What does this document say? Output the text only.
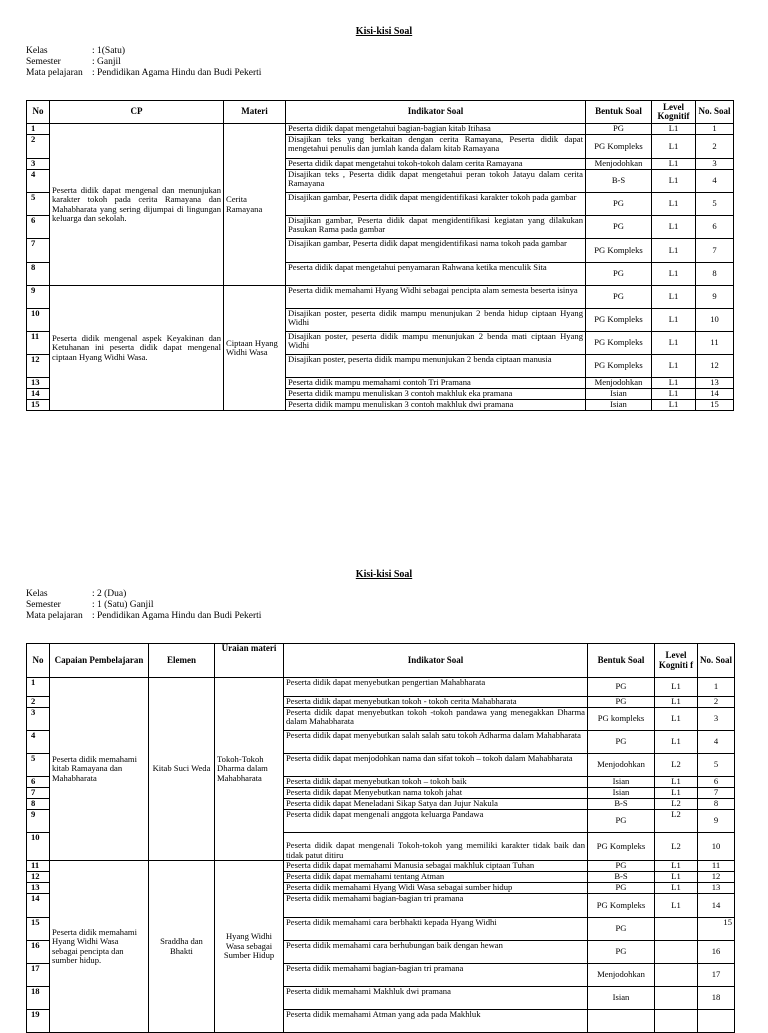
Kisi-kisi Soal
Kelas	: 1(Satu)
Semester	: Ganjil
Mata pelajaran : Pendidikan Agama Hindu dan Budi Pekerti
No	CP	Materi	Indikator Soal	Bentuk Soal	Level Kognitif	No. Soal
1	Peserta didik dapat mengenal dan menunjukan karakter tokoh pada cerita Ramayana dan Mahabharata yang sering dijumpai di lingungan keluarga dan sekolah.	Cerita Ramayana	Peserta didik dapat mengetahui bagian-bagian kitab Itihasa	PG	L1	1
2			Disajikan teks yang berkaitan dengan cerita Ramayana, Peserta didik dapat mengetahui penulis dan jumlah kanda dalam kitab Ramayana	PG Kompleks	L1	2
3			Peserta didik dapat mengetahui tokoh-tokoh dalam cerita Ramayana	Menjodohkan	L1	3
4			Disajikan teks , Peserta didik dapat mengetahui peran tokoh Jatayu dalam cerita Ramayana	B-S	L1	4
5			Disajikan gambar, Peserta didik dapat mengidentifikasi karakter tokoh pada gambar	PG	L1	5
6			Disajikan gambar, Peserta didik dapat mengidentifikasi kegiatan yang dilakukan Pasukan Rama pada gambar	PG	L1	6
7			Disajikan gambar, Peserta didik dapat mengidentifikasi nama tokoh pada gambar	PG Kompleks	L1	7
8			Peserta didik dapat mengetahui penyamaran Rahwana ketika menculik Sita	PG	L1	8
9	Peserta didik mengenal aspek Keyakinan dan Ketuhanan ini peserta didik dapat mengenal ciptaan Hyang Widhi Wasa.	Ciptaan Hyang Widhi Wasa	Peserta didik memahami Hyang Widhi sebagai pencipta alam semesta beserta isinya	PG	L1	9
10			Disajikan poster, peserta didik mampu menunjukan 2 benda hidup ciptaan Hyang Widhi	PG Kompleks	L1	10
11			Disajikan poster, peserta didik mampu menunjukan 2 benda mati ciptaan Hyang Widhi	PG Kompleks	L1	11
12			Disajikan poster, peserta didik mampu menunjukan 2 benda ciptaan manusia	PG Kompleks	L1	12
13			Peserta didik mampu memahami contoh Tri Pramana	Menjodohkan	L1	13
14			Peserta didik mampu menuliskan 3 contoh makhluk eka pramana	Isian	L1	14
15			Peserta didik mampu menuliskan 3 contoh makhluk dwi pramana	Isian	L1	15
Kisi-kisi Soal
Kelas	: 2 (Dua)
Semester	: 1 (Satu) Ganjil
Mata pelajaran : Pendidikan Agama Hindu dan Budi Pekerti
No	Capaian Pembelajaran	Elemen	Uraian materi	Indikator Soal	Bentuk Soal	Level Kogniti f	No. Soal
1	Peserta didik memahami kitab Ramayana dan Mahabharata	Kitab Suci Weda	Tokoh-Tokoh Dharma dalam Mahabharata	Peserta didik dapat menyebutkan pengertian Mahabharata	PG	L1	1
2				Peserta didik dapat menyebutkan tokoh - tokoh cerita Mahabharata	PG	L1	2
3				Peserta didik dapat menyebutkan tokoh -tokoh pandawa yang menegakkan Dharma dalam Mahabharata	PG kompleks	L1	3
4				Peserta didik dapat menyebutkan salah salah satu tokoh Adharma dalam Mahabharata	PG	L1	4
5				Peserta didik dapat menjodohkan nama dan sifat tokoh – tokoh dalam Mahabharata	Menjodohkan	L2	5
6				Peserta didik dapat menyebutkan tokoh – tokoh baik	Isian	L1	6
7				Peserta didik dapat Menyebutkan nama tokoh jahat	Isian	L1	7
8				Peserta didik dapat Meneladani Sikap Satya dan Jujur Nakula	B-S	L2	8
9				Peserta didik dapat mengenali anggota keluarga Pandawa	PG	L2	9
10				Peserta didik dapat mengenali Tokoh-tokoh yang memiliki karakter tidak baik dan tidak patut ditiru	PG Kompleks	L2	10
11	Peserta didik memahami Hyang Widhi Wasa sebagai pencipta dan sumber hidup.	Sraddha dan Bhakti	Hyang Widhi Wasa sebagai Sumber Hidup	Peserta didik dapat memahami Manusia sebagai makhluk ciptaan Tuhan	PG	L1	11
12				Peserta didik dapat memahami tentang Atman	B-S	L1	12
13				Peserta didik memahami Hyang Widi Wasa sebagai sumber hidup	PG	L1	13
14				Peserta didik memahami bagian-bagian tri pramana	PG Kompleks	L1	14
15				Peserta didik memahami cara berbhakti kepada Hyang Widhi	PG		15
16				Peserta didik memahami cara berhubungan baik dengan hewan	PG		16
17				Peserta didik memahami bagian-bagian tri pramana	Menjodohkan		17
18				Peserta didik memahami Makhluk dwi pramana	Isian		18
19				Peserta didik memahami Atman yang ada pada Makhluk			
